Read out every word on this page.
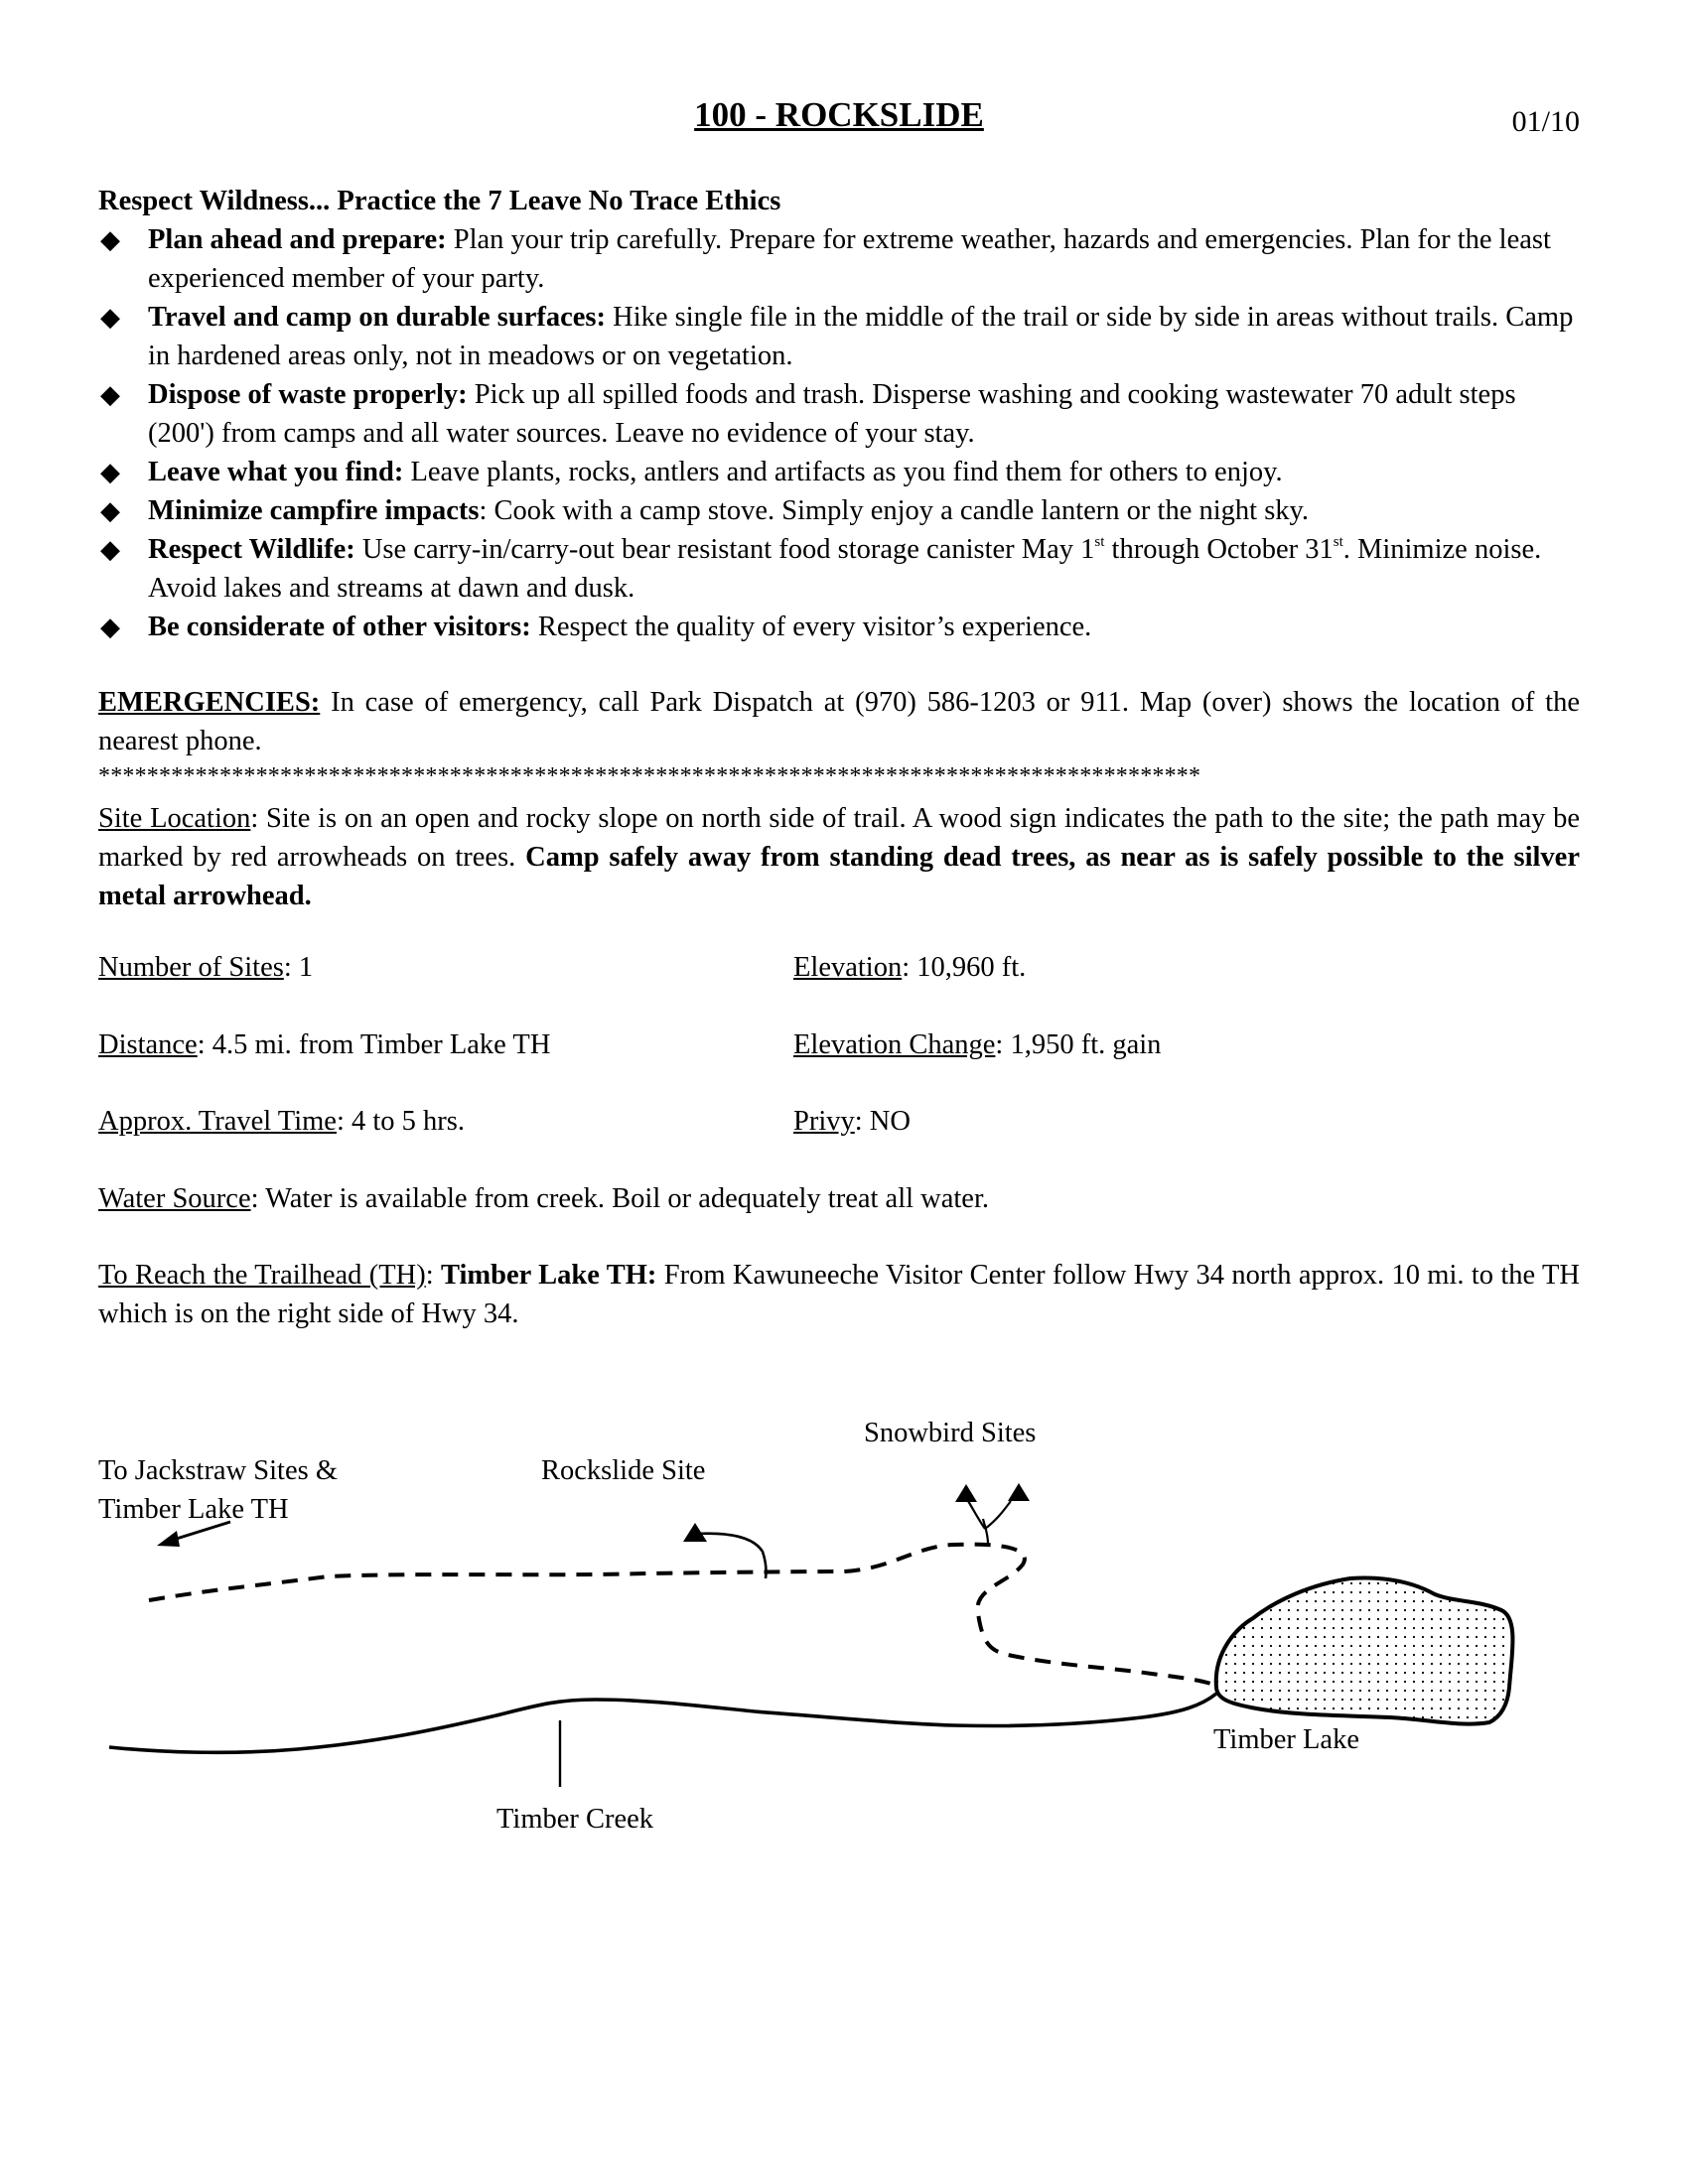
100 - ROCKSLIDE	01/10
Respect Wildness... Practice the 7 Leave No Trace Ethics
◆ Plan ahead and prepare: Plan your trip carefully. Prepare for extreme weather, hazards and emergencies. Plan for the least experienced member of your party.
◆ Travel and camp on durable surfaces: Hike single file in the middle of the trail or side by side in areas without trails. Camp in hardened areas only, not in meadows or on vegetation.
◆ Dispose of waste properly: Pick up all spilled foods and trash. Disperse washing and cooking wastewater 70 adult steps (200') from camps and all water sources. Leave no evidence of your stay.
◆ Leave what you find: Leave plants, rocks, antlers and artifacts as you find them for others to enjoy.
◆ Minimize campfire impacts: Cook with a camp stove. Simply enjoy a candle lantern or the night sky.
◆ Respect Wildlife: Use carry-in/carry-out bear resistant food storage canister May 1st through October 31st. Minimize noise. Avoid lakes and streams at dawn and dusk.
◆ Be considerate of other visitors: Respect the quality of every visitor’s experience.
EMERGENCIES: In case of emergency, call Park Dispatch at (970) 586-1203 or 911. Map (over) shows the location of the nearest phone.
*******************************************************************************************
Site Location: Site is on an open and rocky slope on north side of trail. A wood sign indicates the path to the site; the path may be marked by red arrowheads on trees. Camp safely away from standing dead trees, as near as is safely possible to the silver metal arrowhead.
Number of Sites: 1	Elevation: 10,960 ft.
Distance: 4.5 mi. from Timber Lake TH	Elevation Change: 1,950 ft. gain
Approx. Travel Time: 4 to 5 hrs.	Privy: NO
Water Source: Water is available from creek. Boil or adequately treat all water.
To Reach the Trailhead (TH): Timber Lake TH: From Kawuneeche Visitor Center follow Hwy 34 north approx. 10 mi. to the TH which is on the right side of Hwy 34.
To Jackstraw Sites &
Timber Lake TH
Rockslide Site
Snowbird Sites
Timber Lake
Timber Creek
